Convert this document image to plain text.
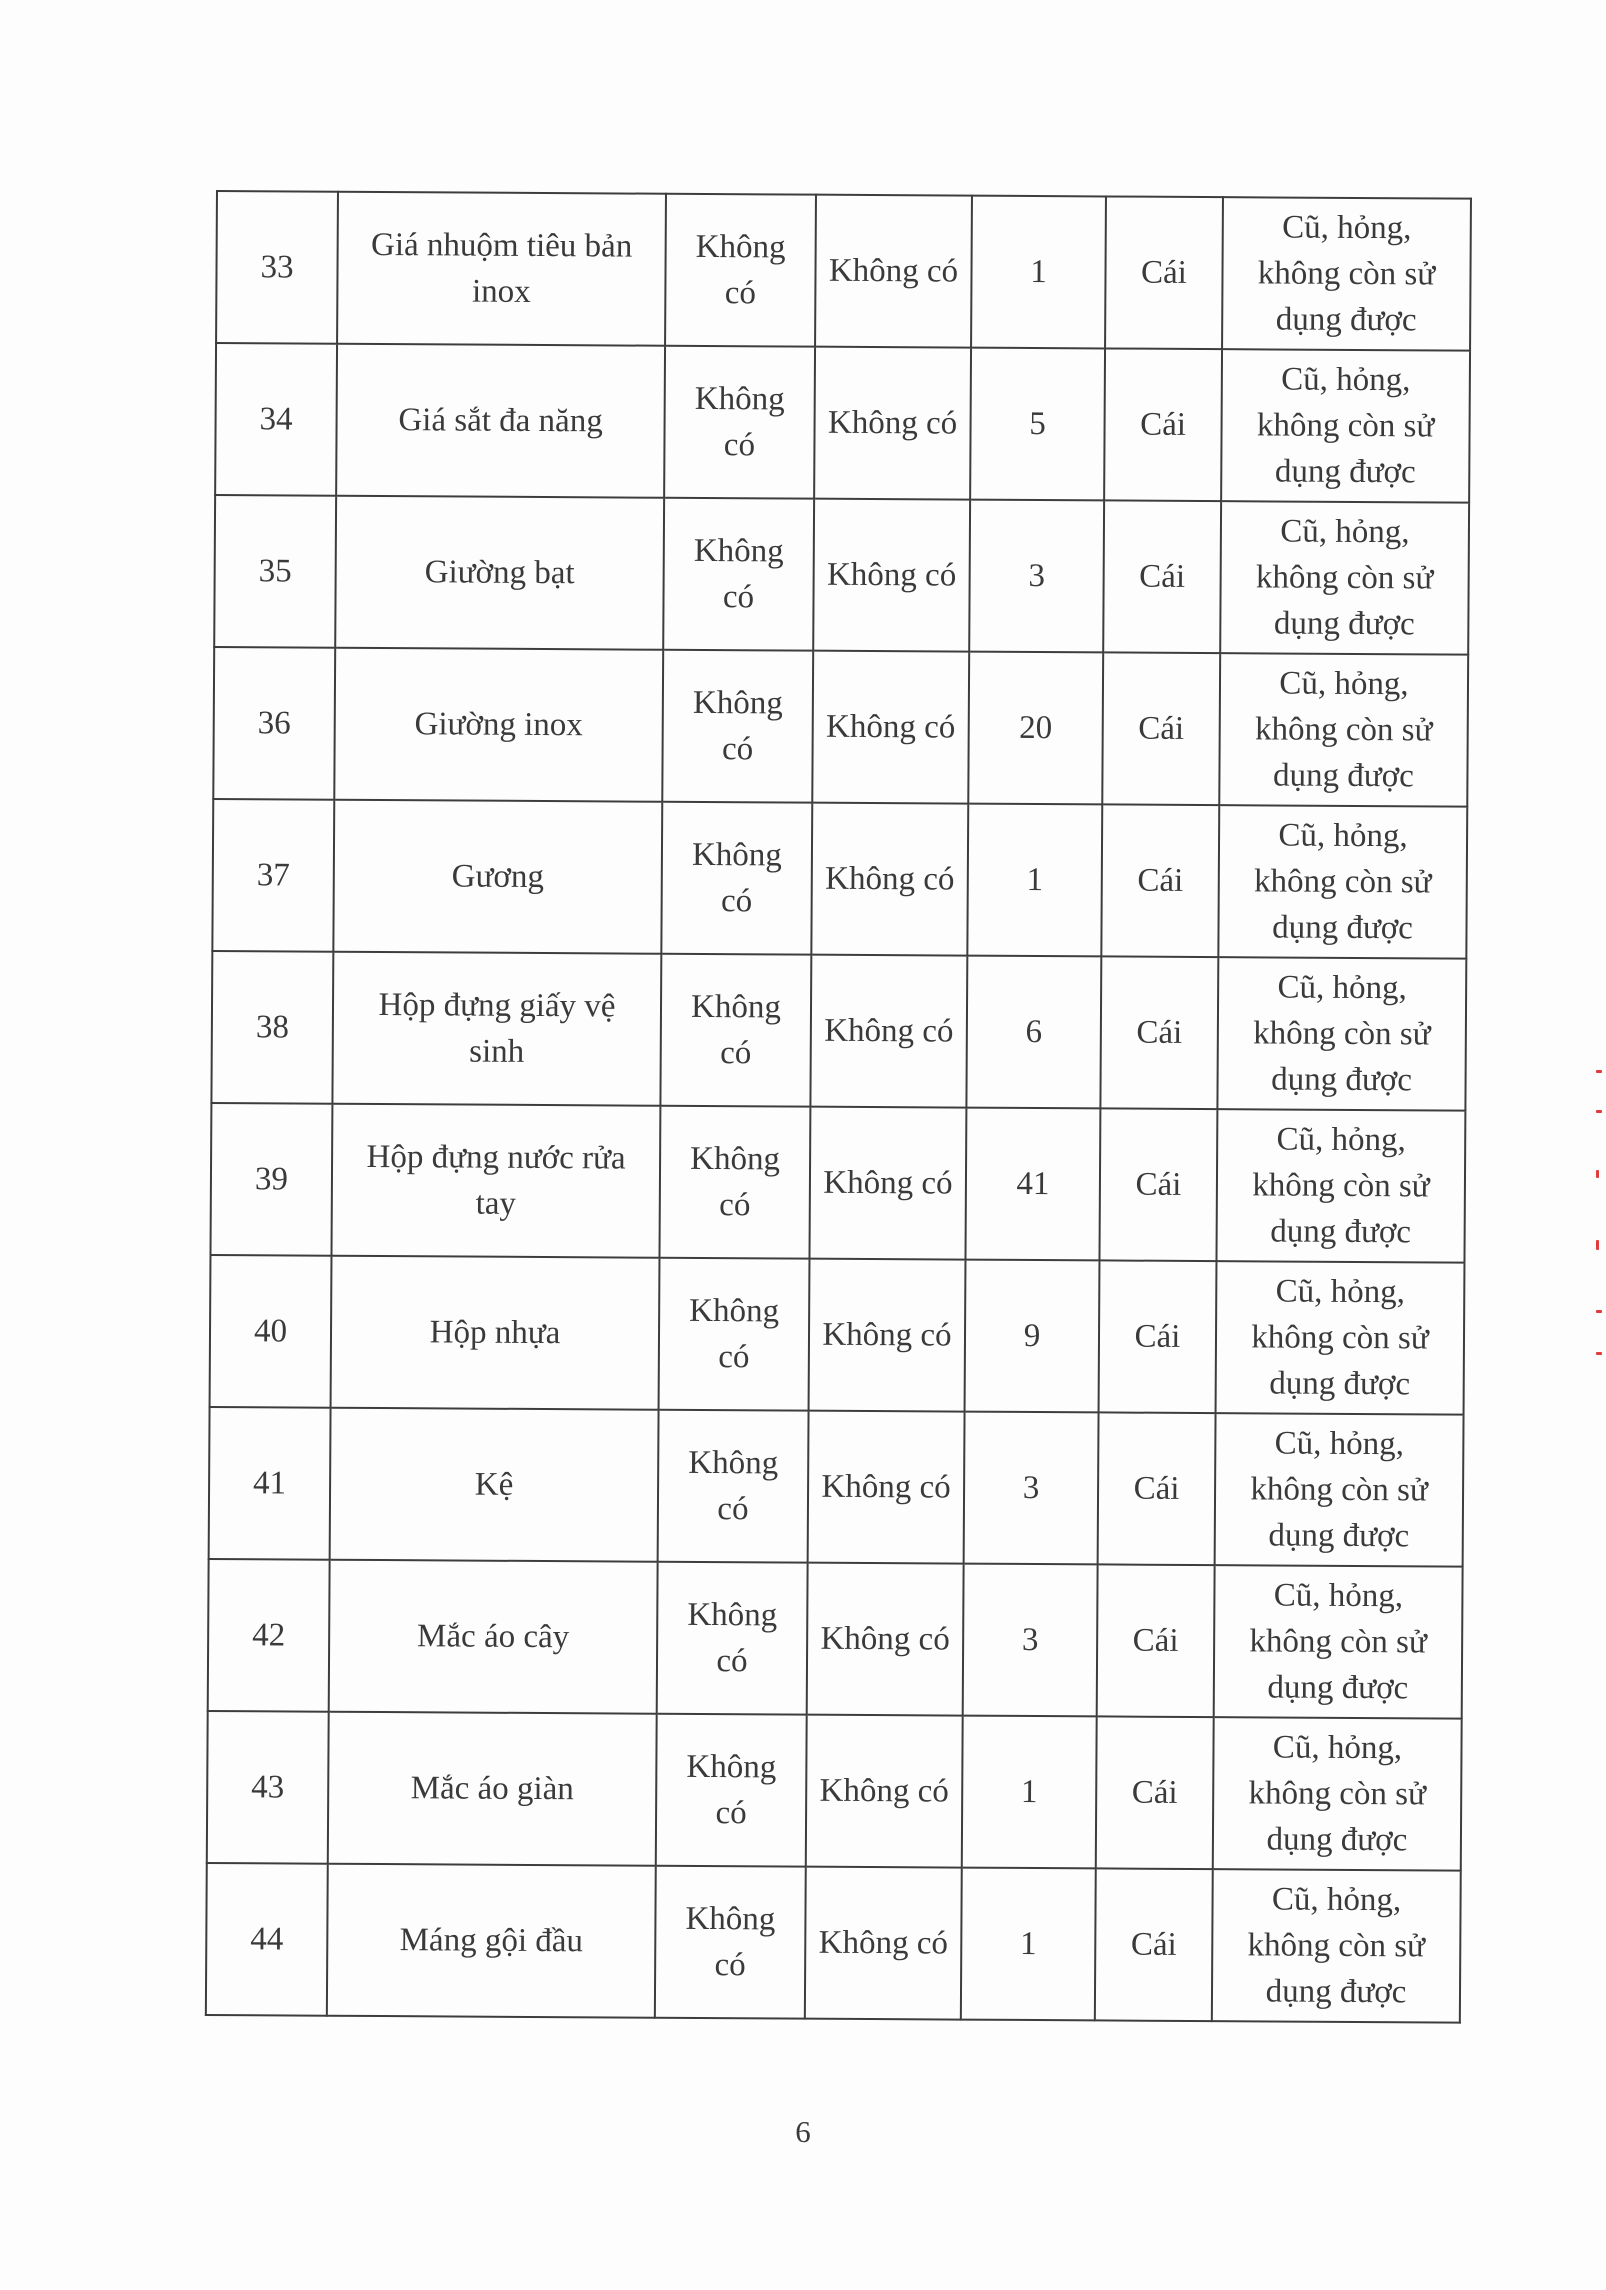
33	Giá nhuộm tiêu bản inox	Không có	Không có	1	Cái	Cũ, hỏng, không còn sử dụng được
34	Giá sắt đa năng	Không có	Không có	5	Cái	Cũ, hỏng, không còn sử dụng được
35	Giường bạt	Không có	Không có	3	Cái	Cũ, hỏng, không còn sử dụng được
36	Giường inox	Không có	Không có	20	Cái	Cũ, hỏng, không còn sử dụng được
37	Gương	Không có	Không có	1	Cái	Cũ, hỏng, không còn sử dụng được
38	Hộp đựng giấy vệ sinh	Không có	Không có	6	Cái	Cũ, hỏng, không còn sử dụng được
39	Hộp đựng nước rửa tay	Không có	Không có	41	Cái	Cũ, hỏng, không còn sử dụng được
40	Hộp nhựa	Không có	Không có	9	Cái	Cũ, hỏng, không còn sử dụng được
41	Kệ	Không có	Không có	3	Cái	Cũ, hỏng, không còn sử dụng được
42	Mắc áo cây	Không có	Không có	3	Cái	Cũ, hỏng, không còn sử dụng được
43	Mắc áo giàn	Không có	Không có	1	Cái	Cũ, hỏng, không còn sử dụng được
44	Máng gội đầu	Không có	Không có	1	Cái	Cũ, hỏng, không còn sử dụng được
6
